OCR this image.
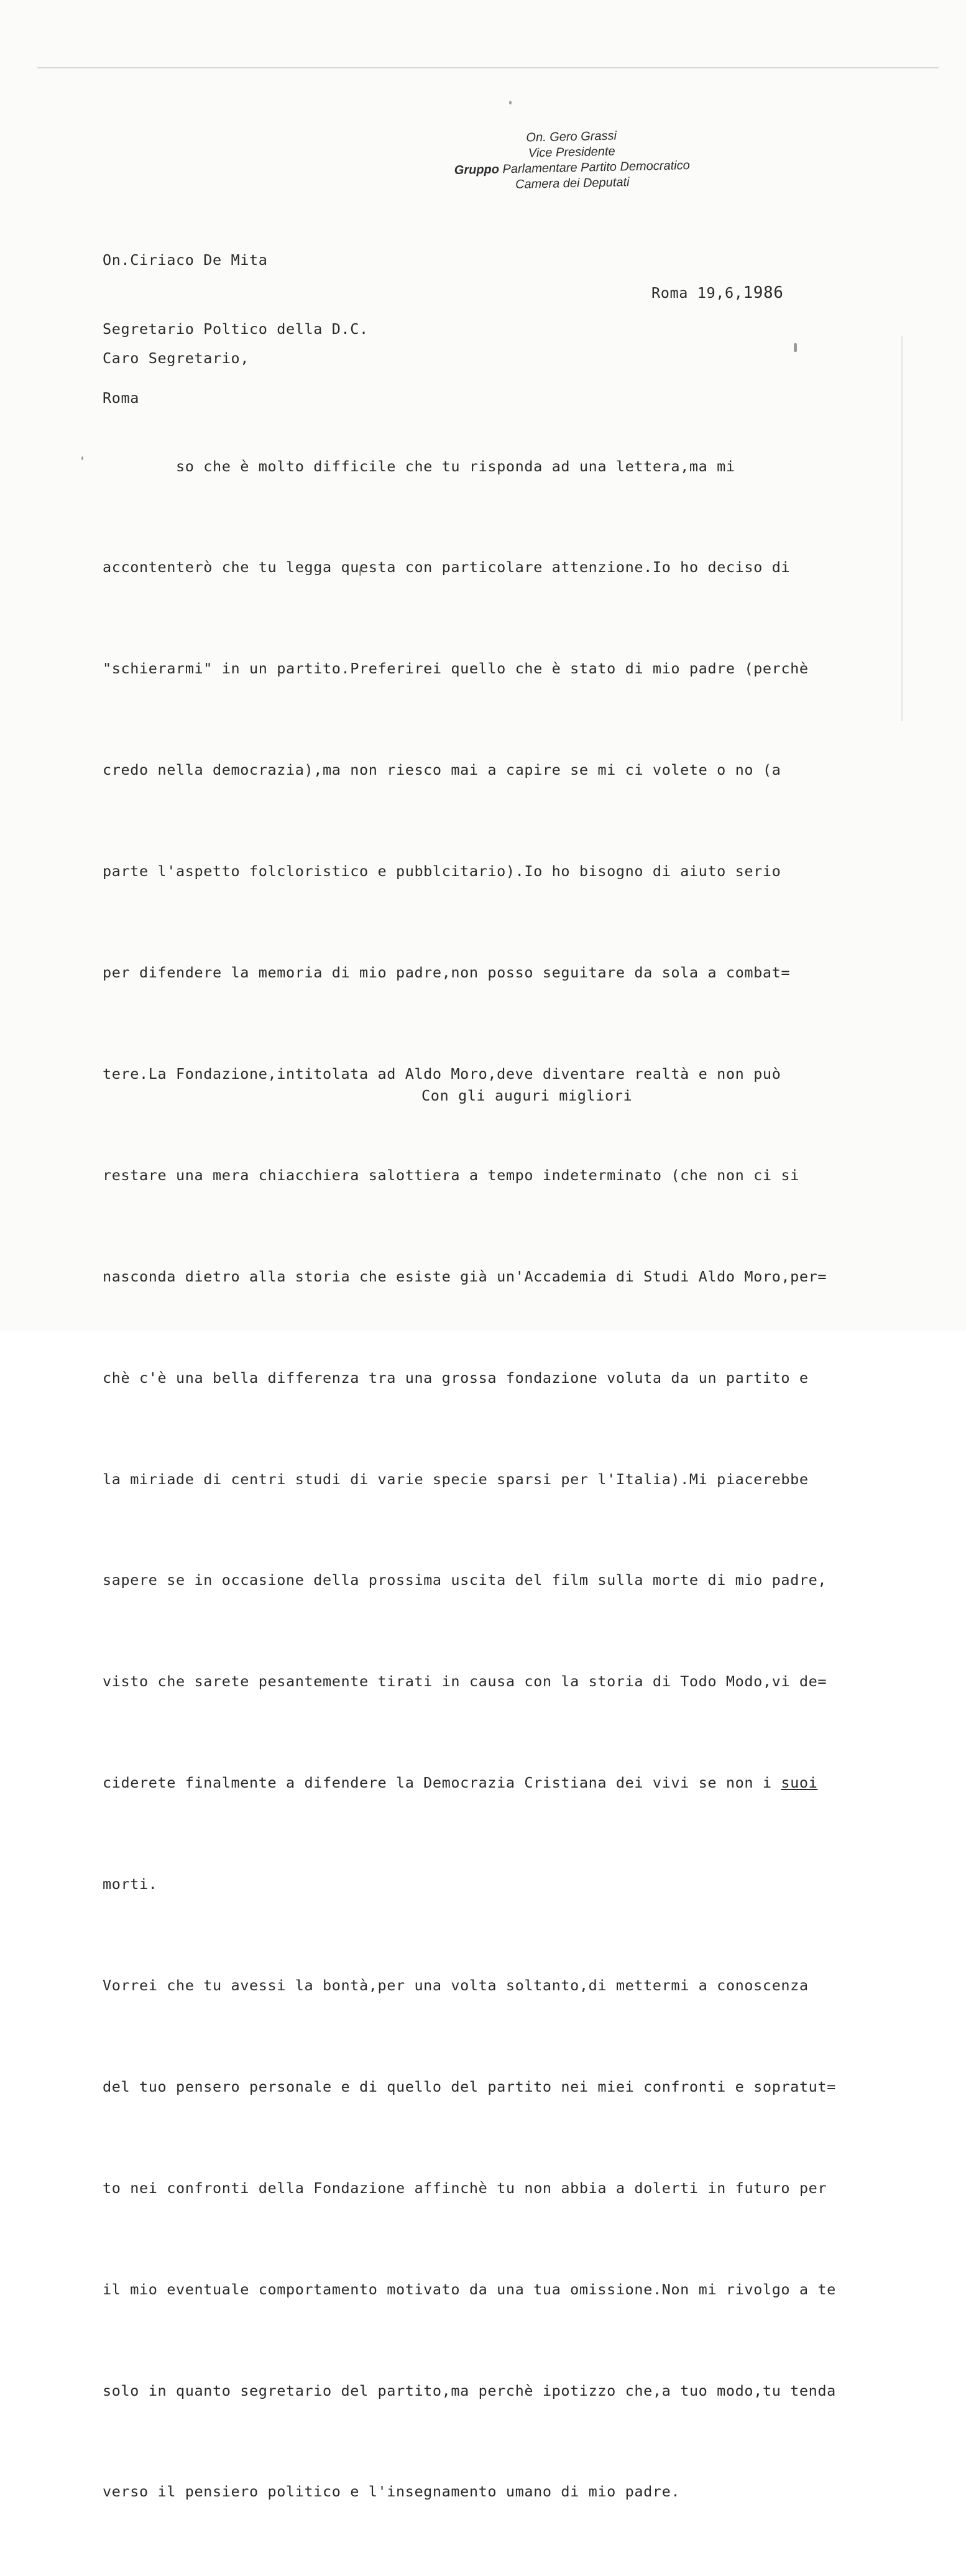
On. Gero Grassi
Vice Presidente
Gruppo Parlamentare Partito Democratico
Camera dei Deputati

On.Ciriaco De Mita

Segretario Poltico della D.C.

Roma

Roma 19,6,1986
Caro Segretario,

so che è molto difficile che tu risponda ad una lettera,ma mi

accontenterò che tu legga questa con particolare attenzione.Io ho deciso di

"schierarmi" in un partito.Preferirei quello che è stato di mio padre (perchè

credo nella democrazia),ma non riesco mai a capire se mi ci volete o no (a

parte l'aspetto folcloristico e pubblcitario).Io ho bisogno di aiuto serio

per difendere la memoria di mio padre,non posso seguitare da sola a combat=

tere.La Fondazione,intitolata ad Aldo Moro,deve diventare realtà e non può

restare una mera chiacchiera salottiera a tempo indeterminato (che non ci si

nasconda dietro alla storia che esiste già un'Accademia di Studi Aldo Moro,per=

chè c'è una bella differenza tra una grossa fondazione voluta da un partito e

la miriade di centri studi di varie specie sparsi per l'Italia).Mi piacerebbe

sapere se in occasione della prossima uscita del film sulla morte di mio padre,

visto che sarete pesantemente tirati in causa con la storia di Todo Modo,vi de=

ciderete finalmente a difendere la Democrazia Cristiana dei vivi se non i suoi

morti.

Vorrei che tu avessi la bontà,per una volta soltanto,di mettermi a conoscenza

del tuo pensero personale e di quello del partito nei miei confronti e sopratut=

to nei confronti della Fondazione affinchè tu non abbia a dolerti in futuro per

il mio eventuale comportamento motivato da una tua omissione.Non mi rivolgo a te

solo in quanto segretario del partito,ma perchè ipotizzo che,a tuo modo,tu tenda

verso il pensiero politico e l'insegnamento umano di mio padre.

Con gli auguri migliori
